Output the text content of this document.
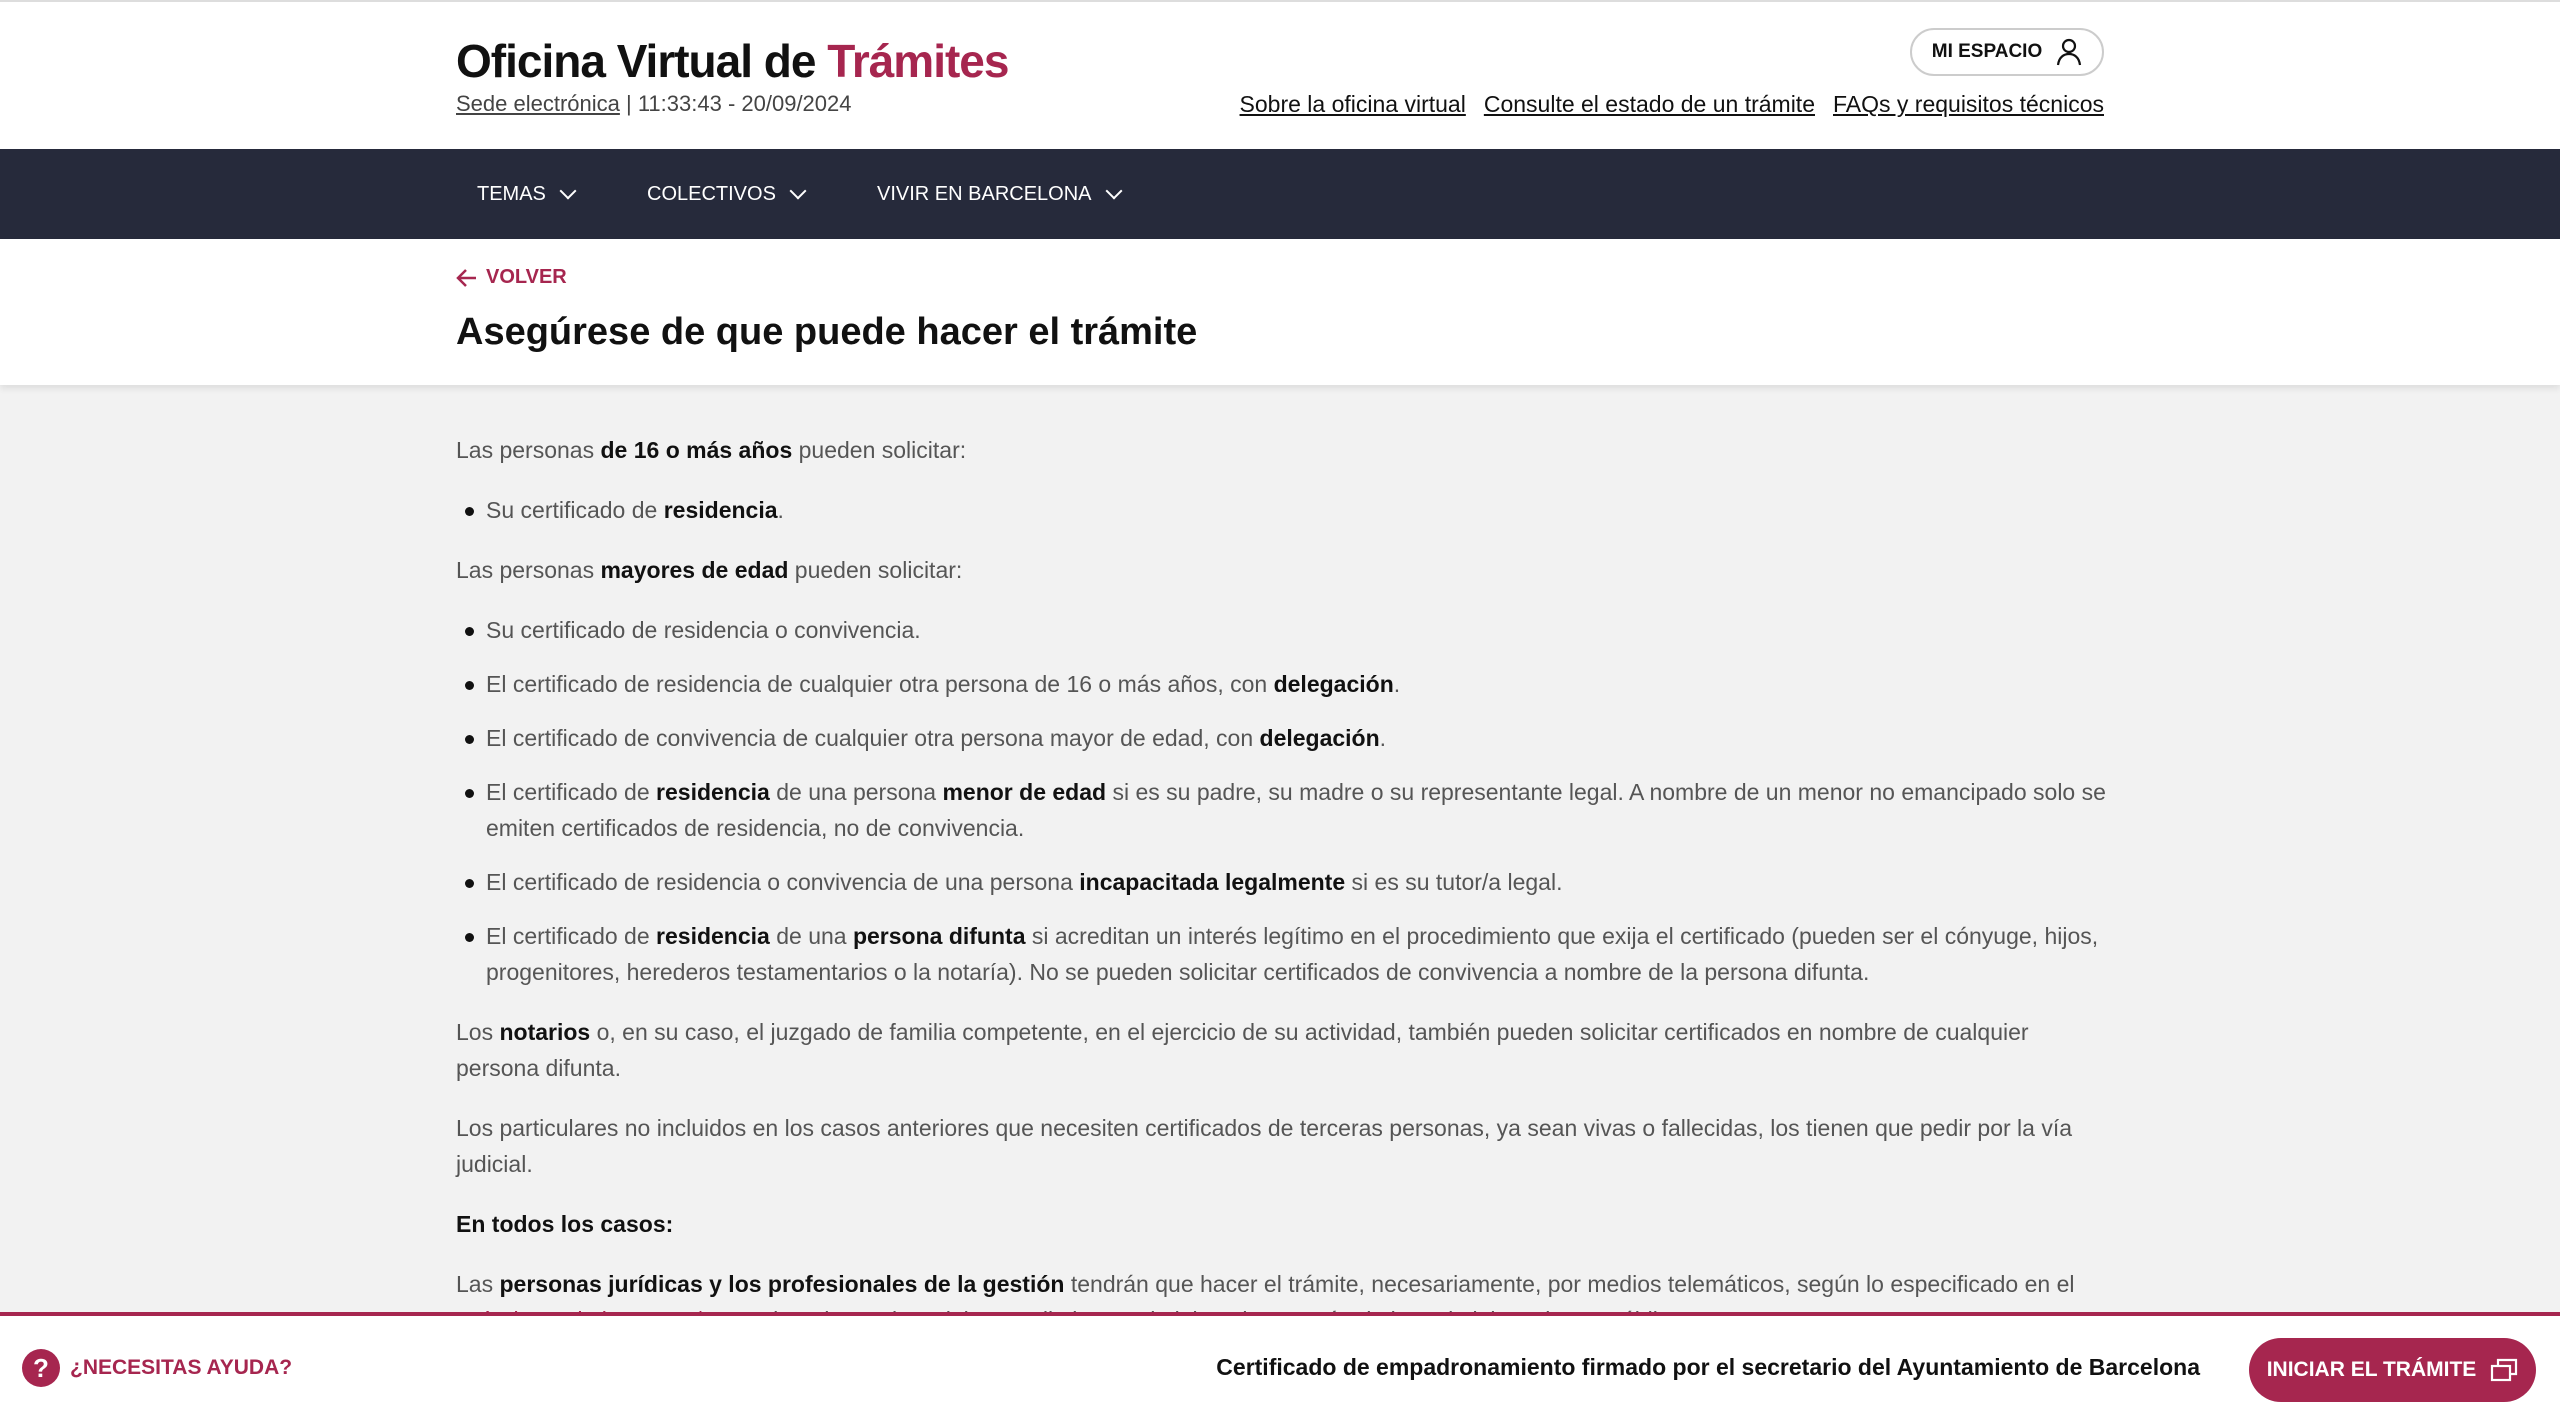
Oficina Virtual de Trámites
Sede electrónica | 11:33:43 - 20/09/2024
MI ESPACIO
Sobre la oficina virtual Consulte el estado de un trámite FAQs y requisitos técnicos
TEMAS	COLECTIVOS	VIVIR EN BARCELONA
VOLVER
Asegúrese de que puede hacer el trámite

Las personas de 16 o más años pueden solicitar:

Su certificado de residencia.

Las personas mayores de edad pueden solicitar:

Su certificado de residencia o convivencia.
El certificado de residencia de cualquier otra persona de 16 o más años, con delegación.
El certificado de convivencia de cualquier otra persona mayor de edad, con delegación.
El certificado de residencia de una persona menor de edad si es su padre, su madre o su representante legal. A nombre de un menor no emancipado solo se emiten certificados de residencia, no de convivencia.
El certificado de residencia o convivencia de una persona incapacitada legalmente si es su tutor/a legal.
El certificado de residencia de una persona difunta si acreditan un interés legítimo en el procedimiento que exija el certificado (pueden ser el cónyuge, hijos, progenitores, herederos testamentarios o la notaría). No se pueden solicitar certificados de convivencia a nombre de la persona difunta.

Los notarios o, en su caso, el juzgado de familia competente, en el ejercicio de su actividad, también pueden solicitar certificados en nombre de cualquier persona difunta.

Los particulares no incluidos en los casos anteriores que necesiten certificados de terceras personas, ya sean vivas o fallecidas, los tienen que pedir por la vía judicial.

En todos los casos:

Las personas jurídicas y los profesionales de la gestión tendrán que hacer el trámite, necesariamente, por medios telemáticos, según lo especificado en el

?	¿NECESITAS AYUDA?	Certificado de empadronamiento firmado por el secretario del Ayuntamiento de Barcelona	INICIAR EL TRÁMITE
